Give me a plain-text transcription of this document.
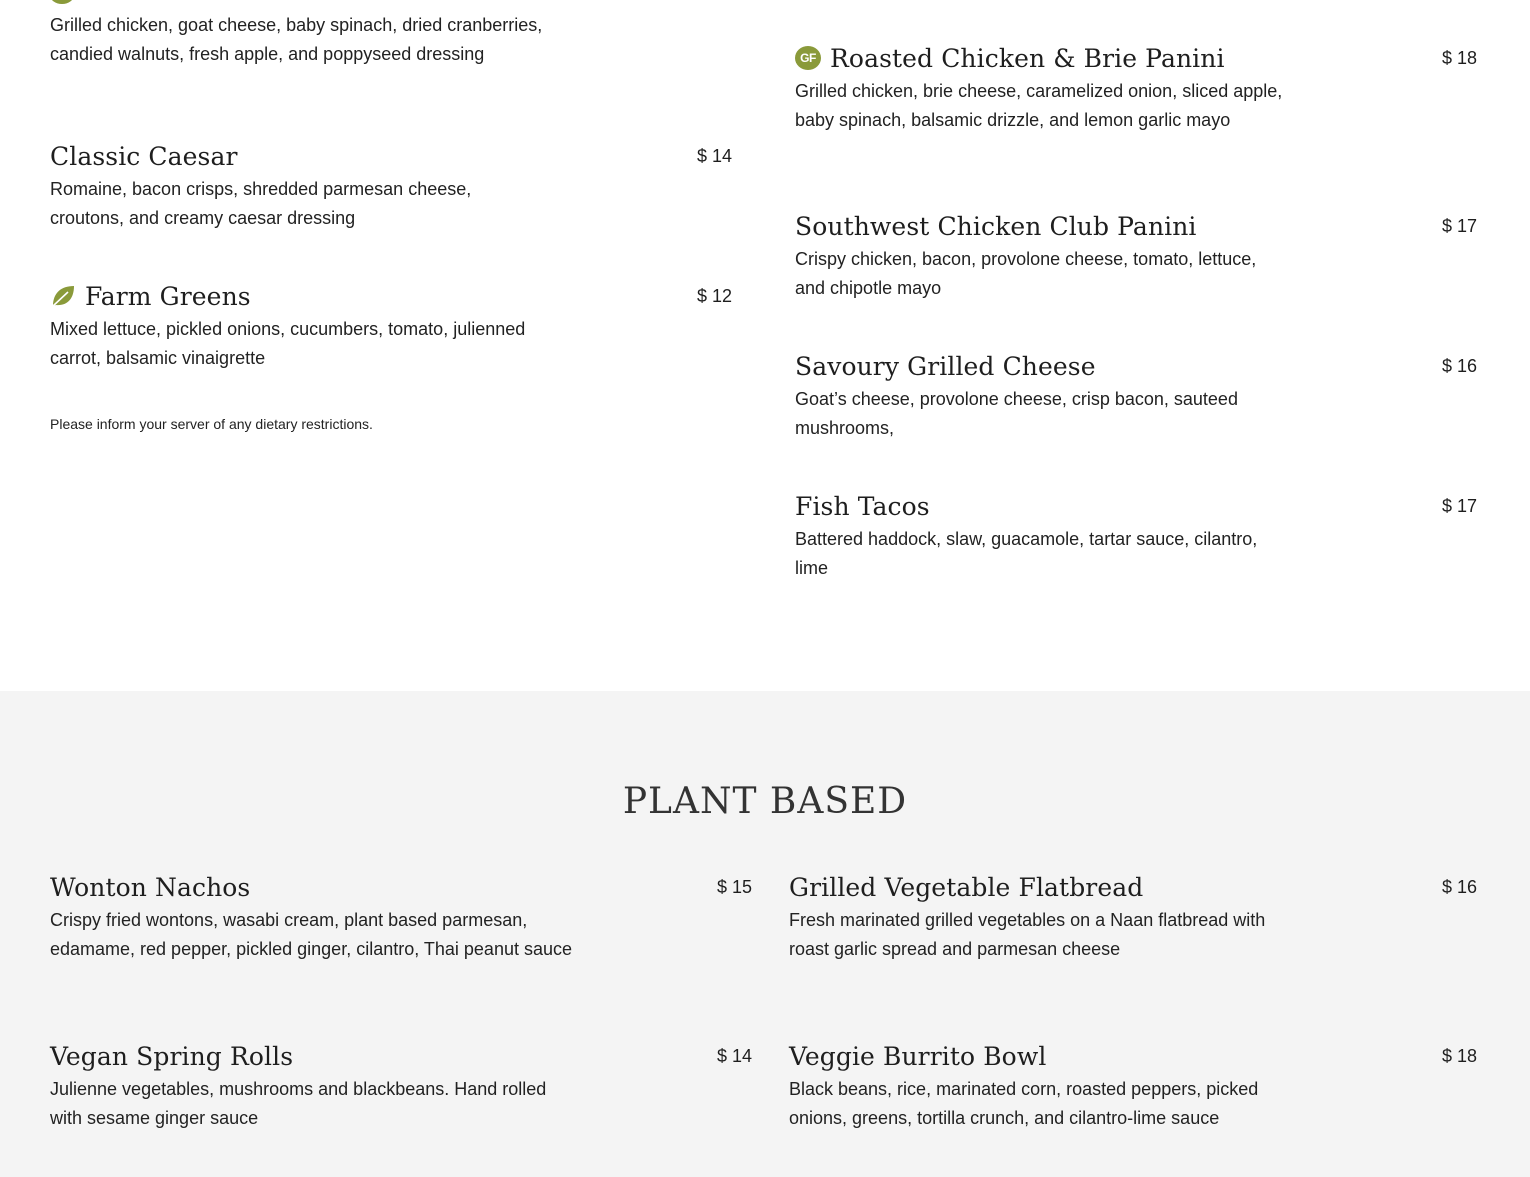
Grilled chicken, goat cheese, baby spinach, dried cranberries, candied walnuts, fresh apple, and poppyseed dressing
Classic Caesar	$ 14
Romaine, bacon crisps, shredded parmesan cheese, croutons, and creamy caesar dressing
Farm Greens	$ 12
Mixed lettuce, pickled onions, cucumbers, tomato, julienned carrot, balsamic vinaigrette
Please inform your server of any dietary restrictions.
GF Roasted Chicken & Brie Panini	$ 18
Grilled chicken, brie cheese, caramelized onion, sliced apple, baby spinach, balsamic drizzle, and lemon garlic mayo
Southwest Chicken Club Panini	$ 17
Crispy chicken, bacon, provolone cheese, tomato, lettuce, and chipotle mayo
Savoury Grilled Cheese	$ 16
Goat’s cheese, provolone cheese, crisp bacon, sauteed mushrooms,
Fish Tacos	$ 17
Battered haddock, slaw, guacamole, tartar sauce, cilantro, lime
PLANT BASED
Wonton Nachos	$ 15
Crispy fried wontons, wasabi cream, plant based parmesan, edamame, red pepper, pickled ginger, cilantro, Thai peanut sauce
Grilled Vegetable Flatbread	$ 16
Fresh marinated grilled vegetables on a Naan flatbread with roast garlic spread and parmesan cheese
Vegan Spring Rolls	$ 14
Julienne vegetables, mushrooms and blackbeans. Hand rolled with sesame ginger sauce
Veggie Burrito Bowl	$ 18
Black beans, rice, marinated corn, roasted peppers, picked onions, greens, tortilla crunch, and cilantro-lime sauce
